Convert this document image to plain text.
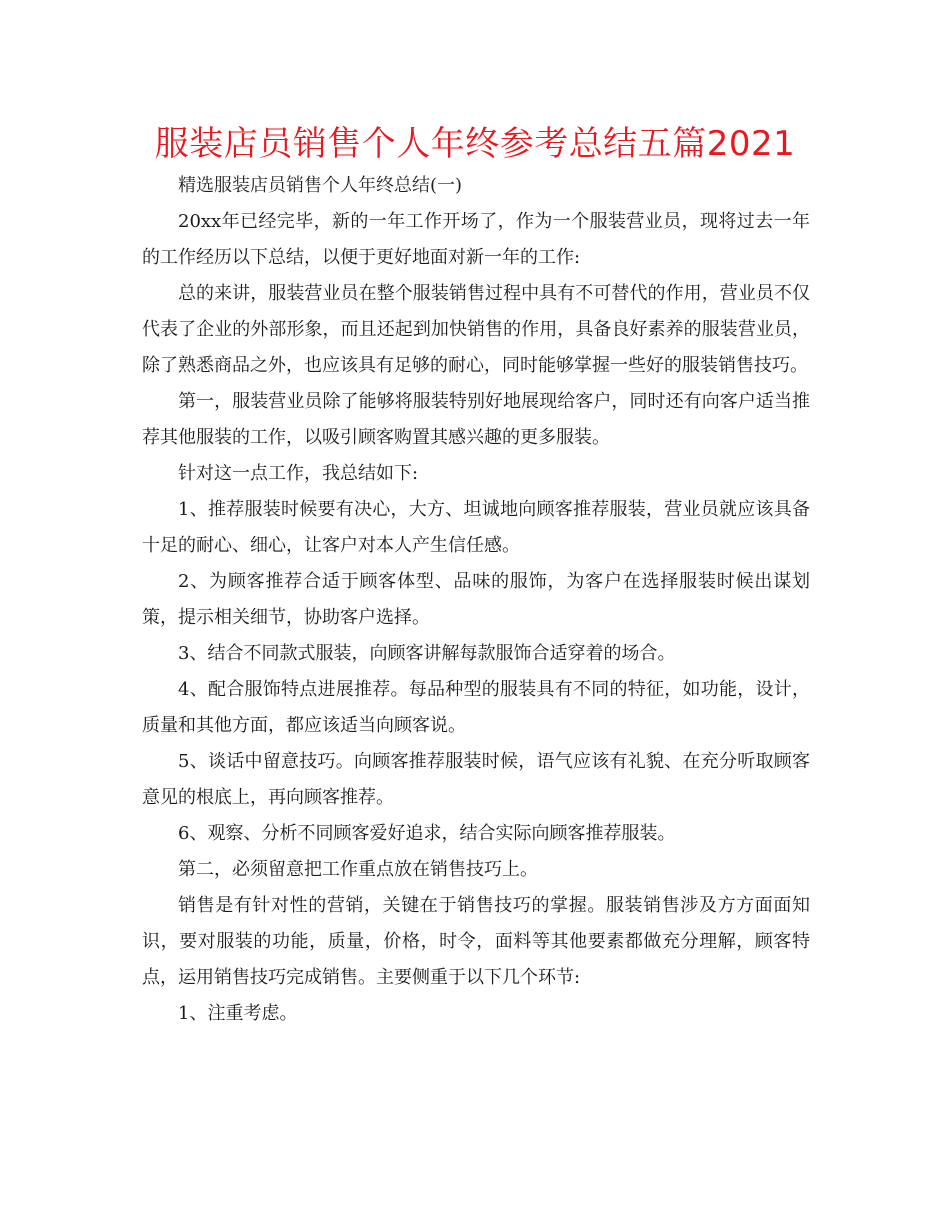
服装店员销售个人年终参考总结五篇2021

精选服装店员销售个人年终总结(一)

20xx年已经完毕，新的一年工作开场了，作为一个服装营业员，现将过去一年的工作经历以下总结，以便于更好地面对新一年的工作:

总的来讲，服装营业员在整个服装销售过程中具有不可替代的作用，营业员不仅代表了企业的外部形象，而且还起到加快销售的作用，具备良好素养的服装营业员，除了熟悉商品之外，也应该具有足够的耐心，同时能够掌握一些好的服装销售技巧。

第一，服装营业员除了能够将服装特别好地展现给客户，同时还有向客户适当推荐其他服装的工作，以吸引顾客购置其感兴趣的更多服装。

针对这一点工作，我总结如下:

1、推荐服装时候要有决心，大方、坦诚地向顾客推荐服装，营业员就应该具备十足的耐心、细心，让客户对本人产生信任感。

2、为顾客推荐合适于顾客体型、品味的服饰，为客户在选择服装时候出谋划策，提示相关细节，协助客户选择。

3、结合不同款式服装，向顾客讲解每款服饰合适穿着的场合。

4、配合服饰特点进展推荐。每品种型的服装具有不同的特征，如功能，设计，质量和其他方面，都应该适当向顾客说。

5、谈话中留意技巧。向顾客推荐服装时候，语气应该有礼貌、在充分听取顾客意见的根底上，再向顾客推荐。

6、观察、分析不同顾客爱好追求，结合实际向顾客推荐服装。

第二，必须留意把工作重点放在销售技巧上。

销售是有针对性的营销，关键在于销售技巧的掌握。服装销售涉及方方面面知识，要对服装的功能，质量，价格，时令，面料等其他要素都做充分理解，顾客特点，运用销售技巧完成销售。主要侧重于以下几个环节:

1、注重考虑。
